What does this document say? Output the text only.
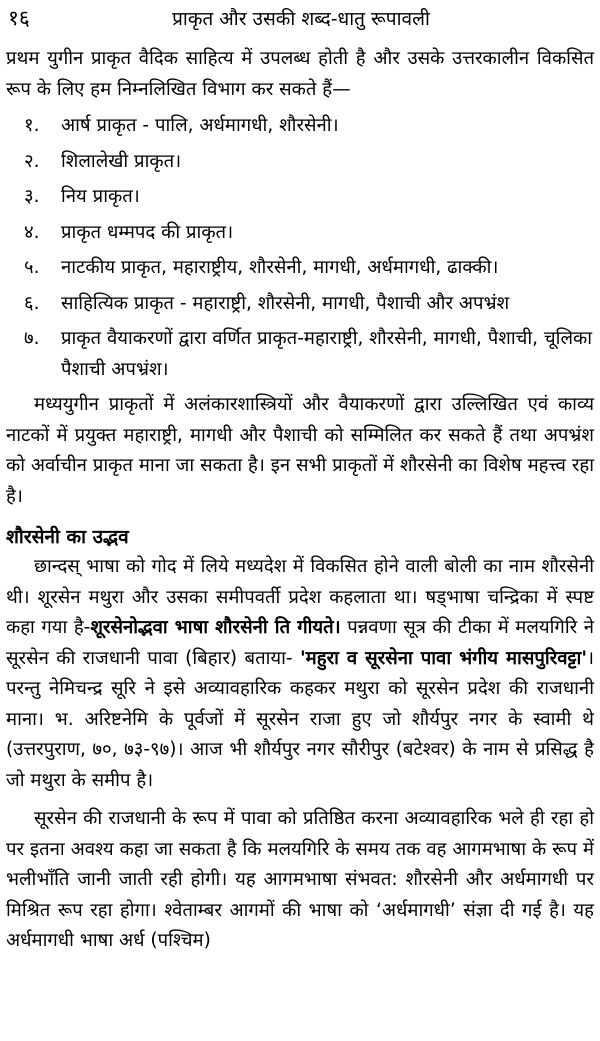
१६	प्राकृत और उसकी शब्द-धातु रूपावली

प्रथम युगीन प्राकृत वैदिक साहित्य में उपलब्ध होती है और उसके उत्तरकालीन विकसित रूप के लिए हम निम्नलिखित विभाग कर सकते हैं—

१.	आर्ष प्राकृत - पालि, अर्धमागधी, शौरसेनी।
२.	शिलालेखी प्राकृत।
३.	निय प्राकृत।
४.	प्राकृत धम्मपद की प्राकृत।
५.	नाटकीय प्राकृत, महाराष्ट्रीय, शौरसेनी, मागधी, अर्धमागधी, ढाक्की।
६.	साहित्यिक प्राकृत - महाराष्ट्री, शौरसेनी, मागधी, पैशाची और अपभ्रंश
७.	प्राकृत वैयाकरणों द्वारा वर्णित प्राकृत-महाराष्ट्री, शौरसेनी, मागधी, पैशाची, चूलिका पैशाची अपभ्रंश।

मध्ययुगीन प्राकृतों में अलंकारशास्त्रियों और वैयाकरणों द्वारा उल्लिखित एवं काव्य नाटकों में प्रयुक्त महाराष्ट्री, मागधी और पैशाची को सम्मिलित कर सकते हैं तथा अपभ्रंश को अर्वाचीन प्राकृत माना जा सकता है। इन सभी प्राकृतों में शौरसेनी का विशेष महत्त्व रहा है।

शौरसेनी का उद्भव

छान्दस् भाषा को गोद में लिये मध्यदेश में विकसित होने वाली बोली का नाम शौरसेनी थी। शूरसेन मथुरा और उसका समीपवर्ती प्रदेश कहलाता था। षड्भाषा चन्द्रिका में स्पष्ट कहा गया है-शूरसेनोद्भवा भाषा शौरसेनी ति गीयते। पन्नवणा सूत्र की टीका में मलयगिरि ने सूरसेन की राजधानी पावा (बिहार) बताया- 'महुरा व सूरसेना पावा भंगीय मासपुरिवट्टा'। परन्तु नेमिचन्द्र सूरि ने इसे अव्यावहारिक कहकर मथुरा को सूरसेन प्रदेश की राजधानी माना। भ. अरिष्टनेमि के पूर्वजों में सूरसेन राजा हुए जो शौर्यपुर नगर के स्वामी थे (उत्तरपुराण, ७०, ७३-९७)। आज भी शौर्यपुर नगर सौरीपुर (बटेश्वर) के नाम से प्रसिद्ध है जो मथुरा के समीप है।

सूरसेन की राजधानी के रूप में पावा को प्रतिष्ठित करना अव्यावहारिक भले ही रहा हो पर इतना अवश्य कहा जा सकता है कि मलयगिरि के समय तक वह आगमभाषा के रूप में भलीभाँति जानी जाती रही होगी। यह आगमभाषा संभवत: शौरसेनी और अर्धमागधी पर मिश्रित रूप रहा होगा। श्वेताम्बर आगमों की भाषा को ‘अर्धमागधी’ संज्ञा दी गई है। यह अर्धमागधी भाषा अर्ध (पश्चिम)
